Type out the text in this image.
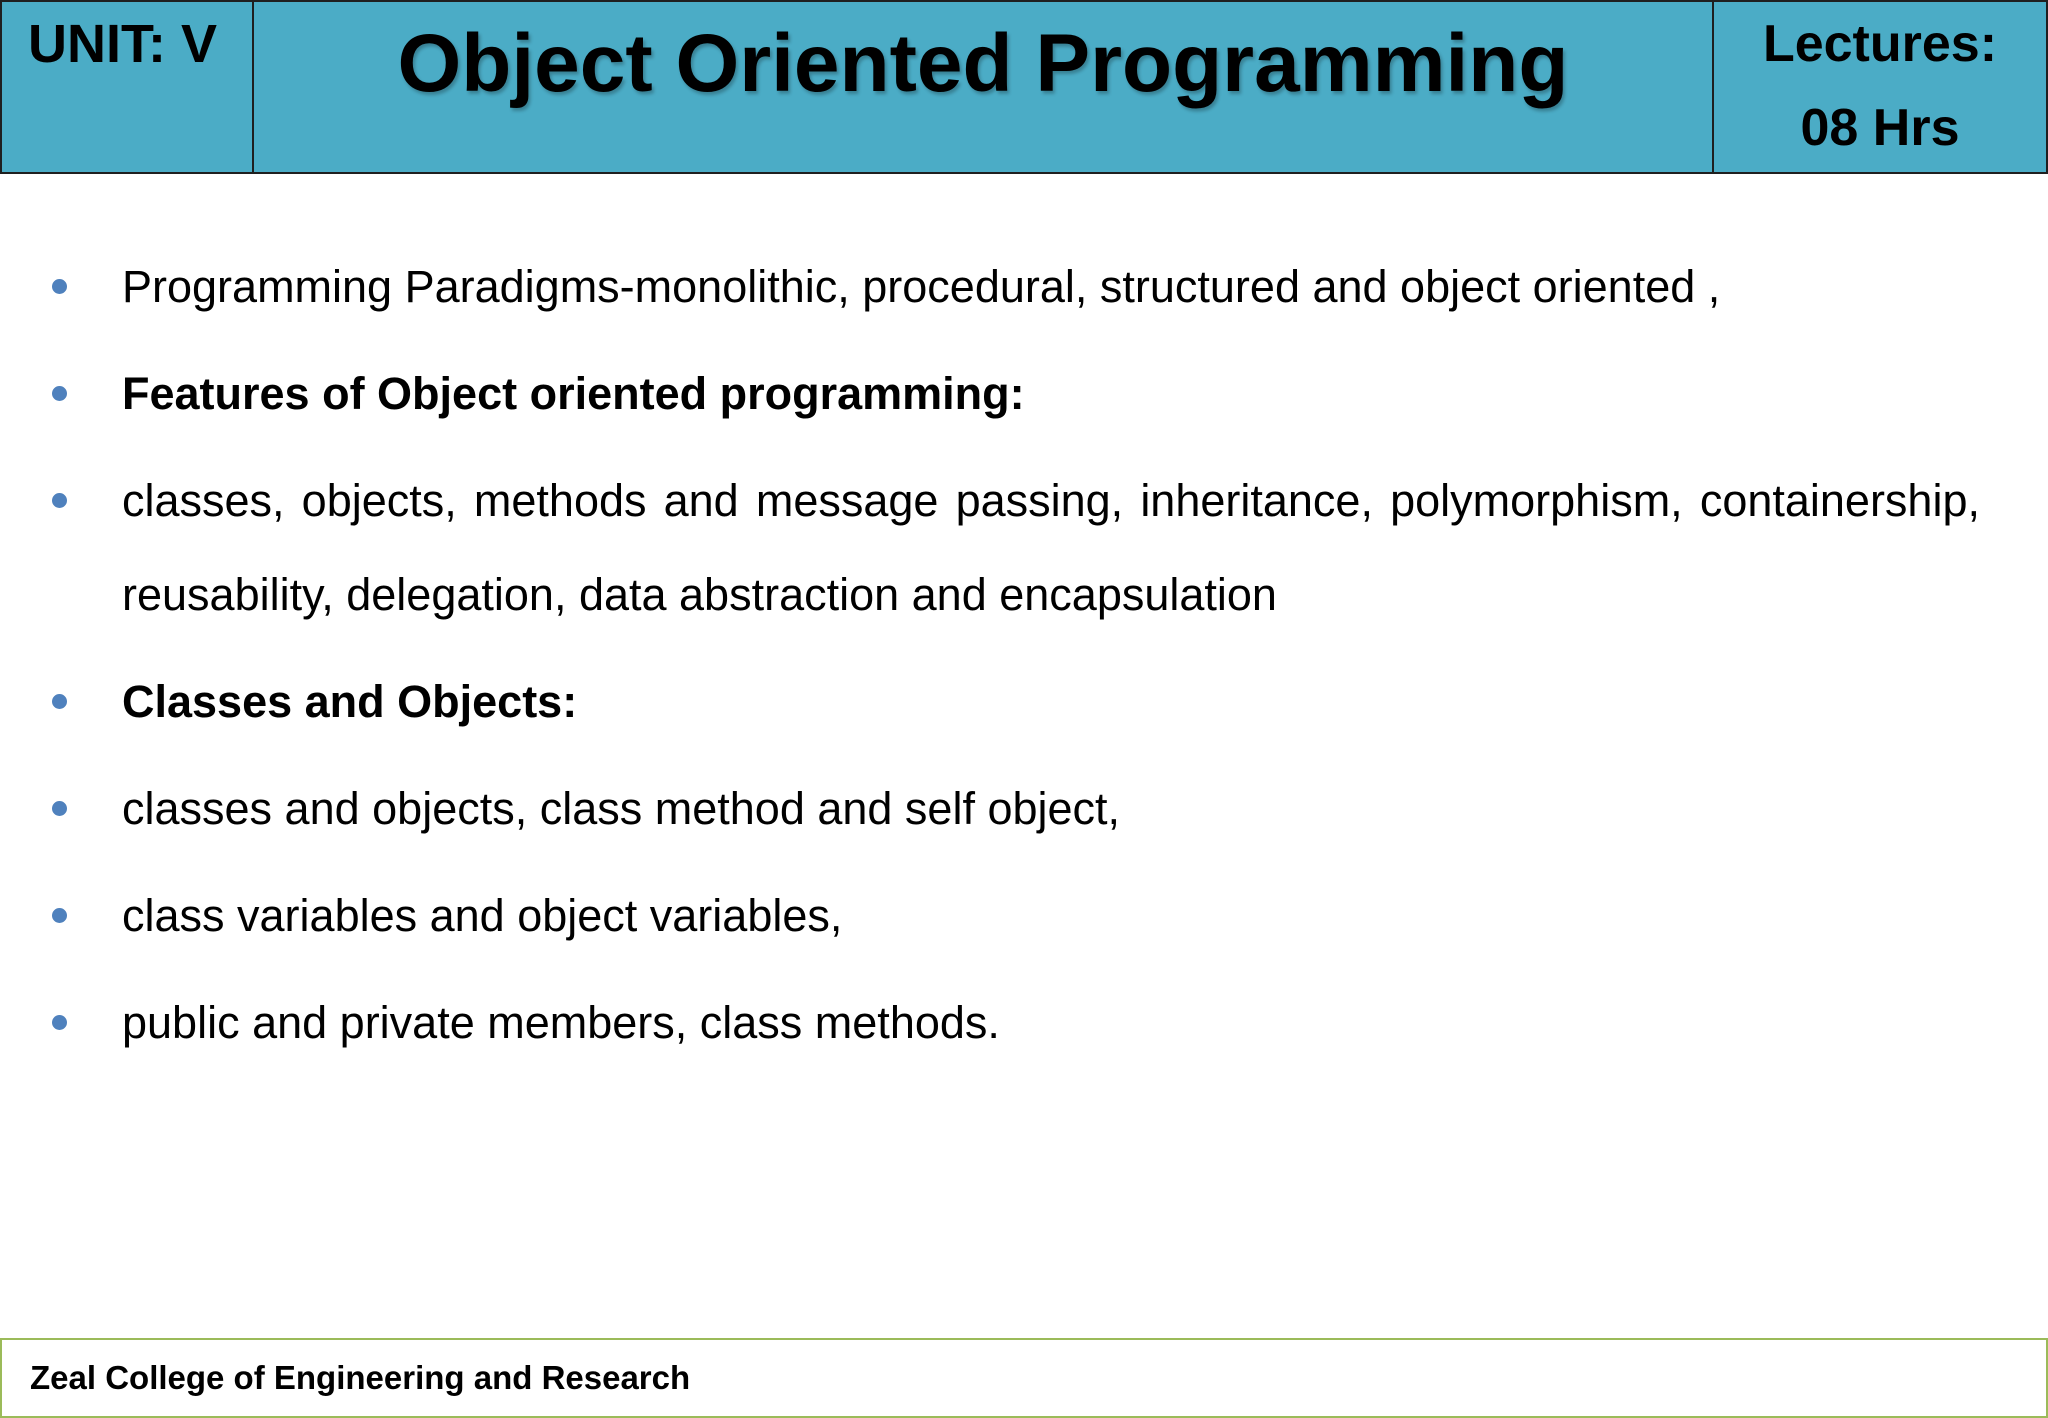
UNIT: V Object Oriented Programming	Lectures:
08 Hrs
Programming Paradigms-monolithic, procedural, structured and object oriented ,
Features of Object oriented programming:
classes, objects, methods and message passing, inheritance, polymorphism, containership, reusability, delegation, data abstraction and encapsulation
Classes and Objects:
classes and objects, class method and self object,
class variables and object variables,
public and private members, class methods.
Zeal College of Engineering and Research
